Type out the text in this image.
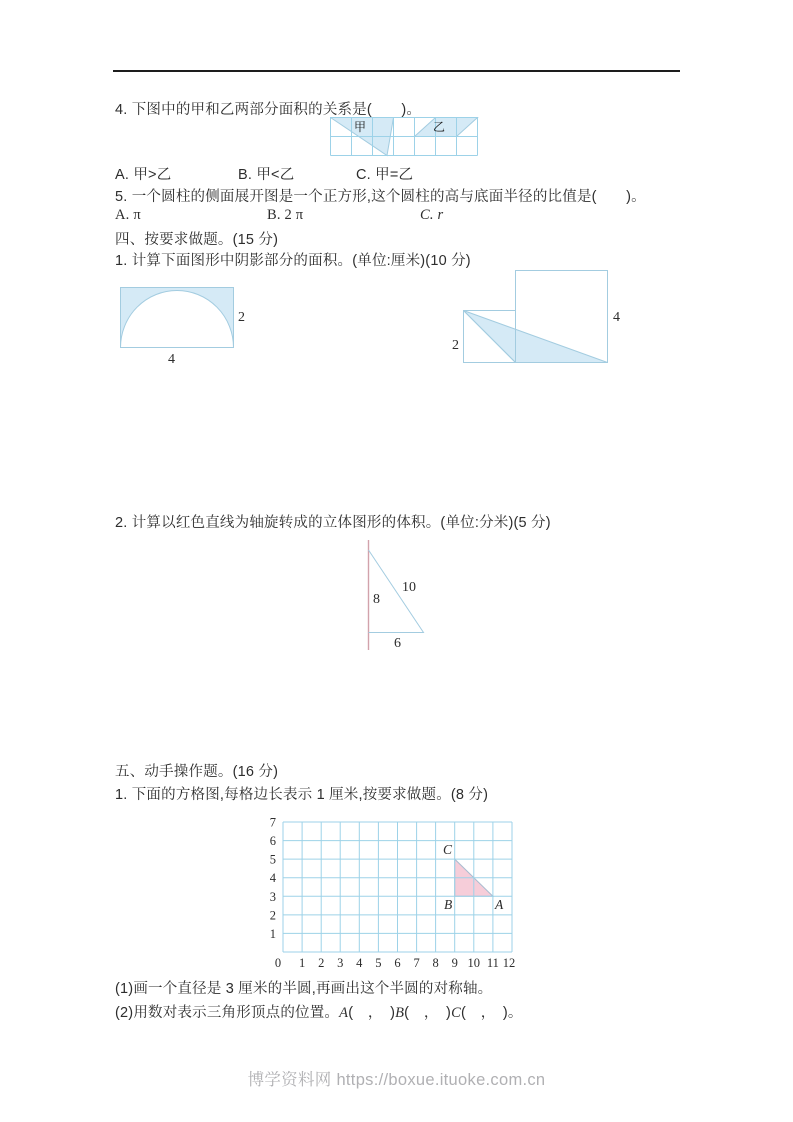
4. 下图中的甲和乙两部分面积的关系是(　　)。
甲	乙
A. 甲>乙	B. 甲<乙	C. 甲=乙
5. 一个圆柱的侧面展开图是一个正方形,这个圆柱的高与底面半径的比值是(　　)。
A. π	B. 2 π	C. r
四、按要求做题。(15 分)
1. 计算下面图形中阴影部分的面积。(单位:厘米)(10 分)
2
4
2
4
2. 计算以红色直线为轴旋转成的立体图形的体积。(单位:分米)(5 分)
8
10
6
五、动手操作题。(16 分)
1. 下面的方格图,每格边长表示 1 厘米,按要求做题。(8 分)
7
6
5
4
3
2
1
0 1 2 3 4 5 6 7 8 9 10 11 12
C
B	A
(1)画一个直径是 3 厘米的半圆,再画出这个半圆的对称轴。
(2)用数对表示三角形顶点的位置。A(　，　)B(　，　)C(　，　)。
博学资料网 https://boxue.ituoke.com.cn
